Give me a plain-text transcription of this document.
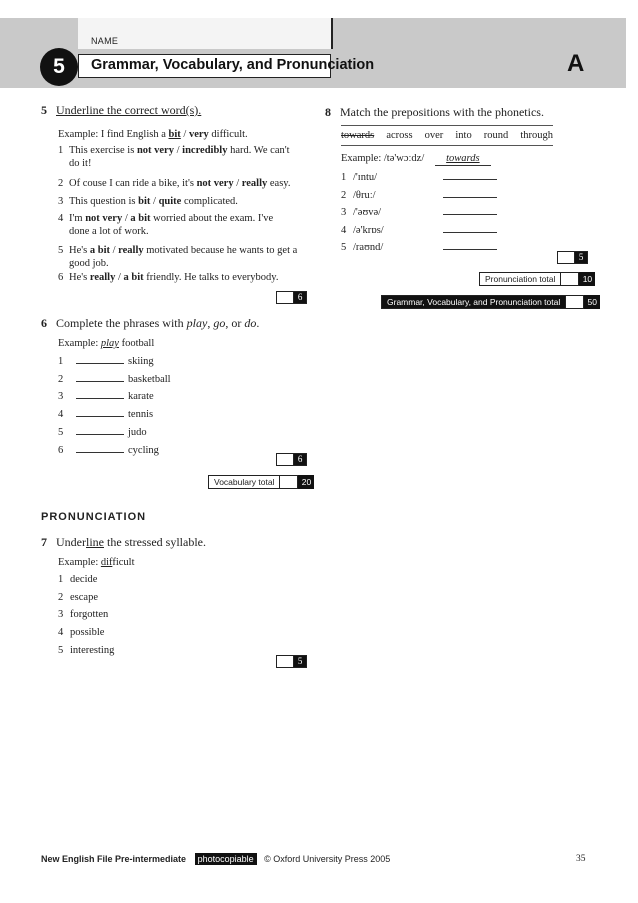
NAME
Grammar, Vocabulary, and Pronunciation
5	A
5 Underline the correct word(s).
Example: I find English a bit / very difficult.
1 This exercise is not very / incredibly hard. We can't
do it!
2 Of couse I can ride a bike, it's not very / really easy.
3 This question is bit / quite complicated.
4 I'm not very / a bit worried about the exam. I've
done a lot of work.
5 He's a bit / really motivated because he wants to get a
good job.
6 He's really / a bit friendly. He talks to everybody.
6
6 Complete the phrases with play, go, or do.
Example: play football
1	skiing
2	basketball
3	karate
4	tennis
5	judo
6	cycling
6
Vocabulary total	20
PRONUNCIATION
7 Underline the stressed syllable.
Example: difficult
1 decide
2 escape
3 forgotten
4 possible
5 interesting
5
8 Match the prepositions with the phonetics.
towards across over into round through
Example: /tə'wɔːdz/ towards
1 /'ɪntu/
2 /θruː/
3 /'əʊvə/
4 /ə'krɒs/
5 /raʊnd/
5
Pronunciation total	10
Grammar, Vocabulary, and Pronunciation total	50
New English File Pre-intermediate photocopiable © Oxford University Press 2005	35
